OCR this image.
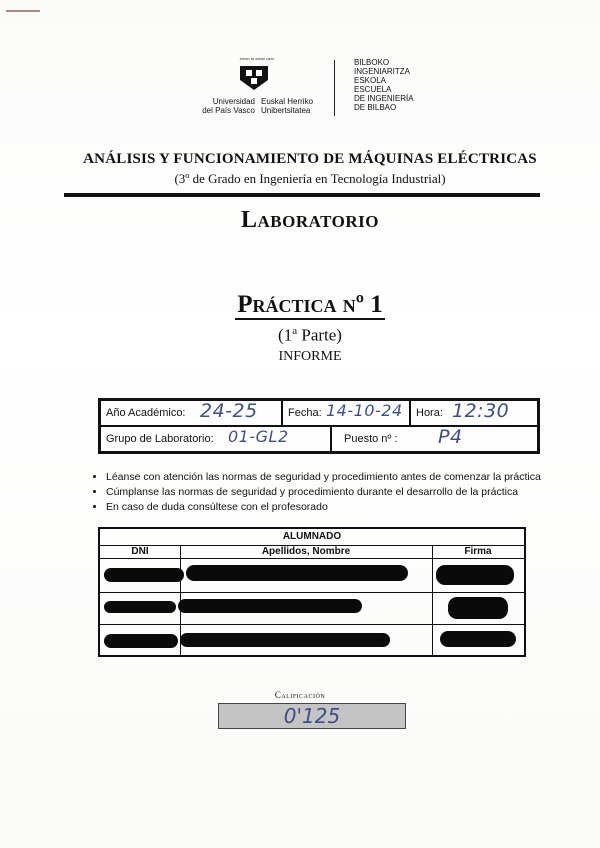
eman ta zabal zazu
Universidad
del País Vasco
Euskal Herriko
Unibertsitatea
BILBOKO
INGENIARITZA
ESKOLA
ESCUELA
DE INGENIERÍA
DE BILBAO
ANÁLISIS Y FUNCIONAMIENTO DE MÁQUINAS ELÉCTRICAS
(3º de Grado en Ingeniería en Tecnología Industrial)
Laboratorio
Práctica nº 1
(1$^a$ Parte)
INFORME
Año Académico: 24-25	Fecha: 14-10-24 Hora: 12:30
Grupo de Laboratorio: 01-GL2	Puesto nº : P4
• Léanse con atención las normas de seguridad y procedimiento antes de comenzar la práctica
• Cúmplanse las normas de seguridad y procedimiento durante el desarrollo de la práctica
• En caso de duda consúltese con el profesorado
ALUMNADO
DNI	Apellidos, Nombre	Firma
Calificación
0'125
